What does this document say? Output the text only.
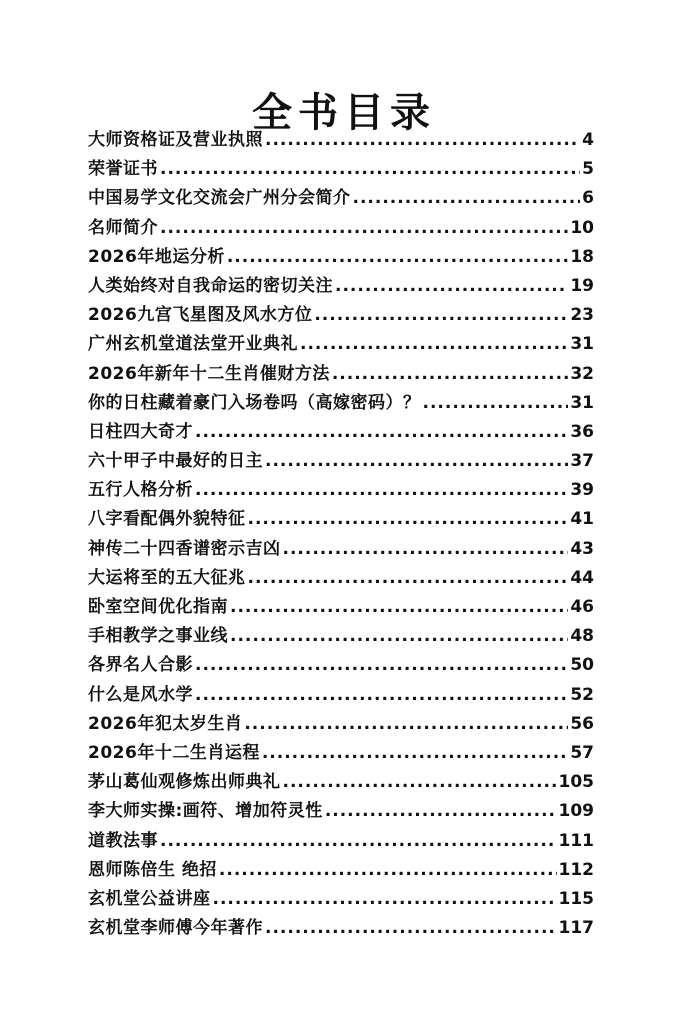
全书目录
大师资格证及营业执照 .....	4
荣誉证书 .....	5
中国易学文化交流会广州分会简介 .....	6
名师简介 .....	10
2026年地运分析 .....	18
人类始终对自我命运的密切关注 .....	19
2026九宫飞星图及风水方位 .....	23
广州玄机堂道法堂开业典礼 .....	31
2026年新年十二生肖催财方法 .....	32
你的日柱藏着豪门入场卷吗（高嫁密码）？ .....	31
日柱四大奇才 .....	36
六十甲子中最好的日主 .....	37
五行人格分析 .....	39
八字看配偶外貌特征 .....	41
神传二十四香谱密示吉凶 .....	43
大运将至的五大征兆 .....	44
卧室空间优化指南 .....	46
手相教学之事业线 .....	48
各界名人合影 .....	50
什么是风水学 .....	52
2026年犯太岁生肖 .....	56
2026年十二生肖运程 .....	57
茅山葛仙观修炼出师典礼 .....	105
李大师实操:画符、增加符灵性 .....	109
道教法事 .....	111
恩师陈倍生 绝招 .....	112
玄机堂公益讲座 .....	115
玄机堂李师傅今年著作 .....	117
